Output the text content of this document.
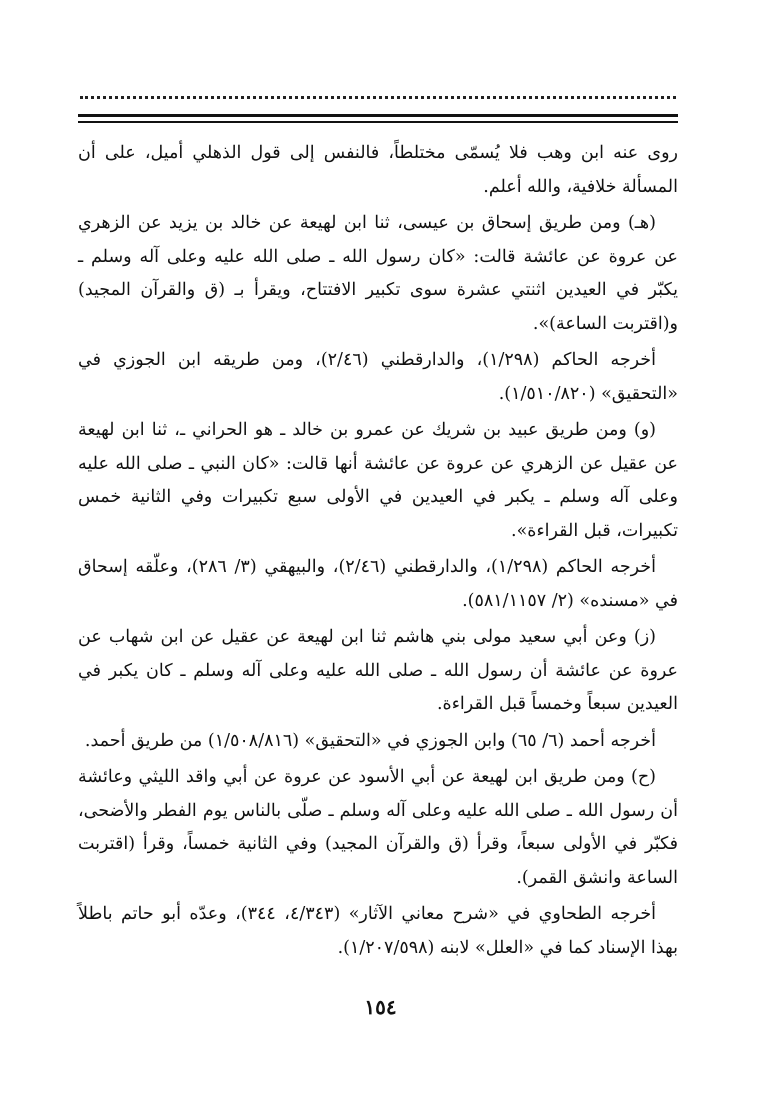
روى عنه ابن وهب فلا يُسمّى مختلطاً، فالنفس إلى قول الذهلي أميل، على أن المسألة خلافية، والله أعلم.

(هـ) ومن طريق إسحاق بن عيسى، ثنا ابن لهيعة عن خالد بن يزيد عن الزهري عن عروة عن عائشة قالت: «كان رسول الله ـ صلى الله عليه وعلى آله وسلم ـ يكبّر في العيدين اثنتي عشرة سوى تكبير الافتتاح، ويقرأ بـ (ق والقرآن المجيد) و(اقتربت الساعة)».

أخرجه الحاكم (١/٢٩٨)، والدارقطني (٢/٤٦)، ومن طريقه ابن الجوزي في «التحقيق» (١/٥١٠/٨٢٠).

(و) ومن طريق عبيد بن شريك عن عمرو بن خالد ـ هو الحراني ـ، ثنا ابن لهيعة عن عقيل عن الزهري عن عروة عن عائشة أنها قالت: «كان النبي ـ صلى الله عليه وعلى آله وسلم ـ يكبر في العيدين في الأولى سبع تكبيرات وفي الثانية خمس تكبيرات، قبل القراءة».

أخرجه الحاكم (١/٢٩٨)، والدارقطني (٢/٤٦)، والبيهقي (٣/ ٢٨٦)، وعلّقه إسحاق في «مسنده» (٢/ ٥٨١/١١٥٧).

(ز) وعن أبي سعيد مولى بني هاشم ثنا ابن لهيعة عن عقيل عن ابن شهاب عن عروة عن عائشة أن رسول الله ـ صلى الله عليه وعلى آله وسلم ـ كان يكبر في العيدين سبعاً وخمساً قبل القراءة.

أخرجه أحمد (٦/ ٦٥) وابن الجوزي في «التحقيق» (١/٥٠٨/٨١٦) من طريق أحمد.

(ح) ومن طريق ابن لهيعة عن أبي الأسود عن عروة عن أبي واقد الليثي وعائشة أن رسول الله ـ صلى الله عليه وعلى آله وسلم ـ صلّى بالناس يوم الفطر والأضحى، فكبّر في الأولى سبعاً، وقرأ (ق والقرآن المجيد) وفي الثانية خمساً، وقرأ (اقتربت الساعة وانشق القمر).

أخرجه الطحاوي في «شرح معاني الآثار» (٤/٣٤٣، ٣٤٤)، وعدّه أبو حاتم باطلاً بهذا الإسناد كما في «العلل» لابنه (١/٢٠٧/٥٩٨).

١٥٤
